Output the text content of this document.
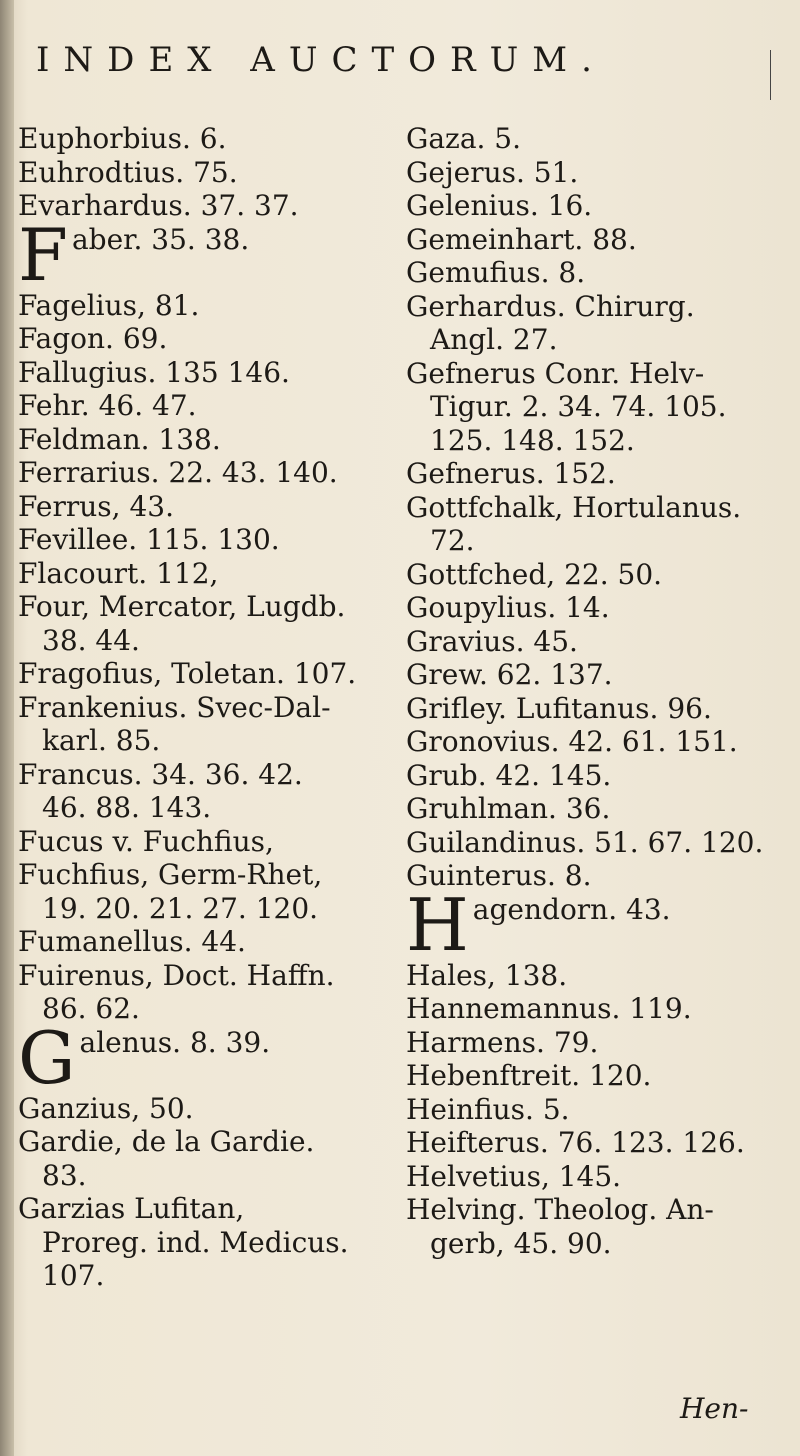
INDEX AUCTORUM.
Euphorbius. 6.
Euhrodtius. 75.
Evarhardus. 37. 37.
F aber. 35. 38.
Fagelius, 81.
Fagon. 69.
Fallugius. 135 146.
Fehr. 46. 47.
Feldman. 138.
Ferrarius. 22. 43. 140.
Ferrus, 43.
Fevillee. 115. 130.
Flacourt. 112,
Four, Mercator, Lugdb.
38. 44.
Fragofius, Toletan. 107.
Frankenius. Svec-Dal-
karl. 85.
Francus. 34. 36. 42.
46. 88. 143.
Fucus v. Fuchfius,
Fuchfius, Germ-Rhet,
19. 20. 21. 27. 120.
Fumanellus. 44.
Fuirenus, Doct. Haffn.
86. 62.
G alenus. 8. 39.
Ganzius, 50.
Gardie, de la Gardie.
83.
Garzias Lufitan,
Proreg. ind. Medicus.
107.
Gaza. 5.
Gejerus. 51.
Gelenius. 16.
Gemeinhart. 88.
Gemufius. 8.
Gerhardus. Chirurg.
Angl. 27.
Gefnerus Conr. Helv-
Tigur. 2. 34. 74. 105.
125. 148. 152.
Gefnerus. 152.
Gottfchalk, Hortulanus.
72.
Gottfched, 22. 50.
Goupylius. 14.
Gravius. 45.
Grew. 62. 137.
Grifley. Lufitanus. 96.
Gronovius. 42. 61. 151.
Grub. 42. 145.
Gruhlman. 36.
Guilandinus. 51. 67. 120.
Guinterus. 8.
H agendorn. 43.
Hales, 138.
Hannemannus. 119.
Harmens. 79.
Hebenftreit. 120.
Heinfius. 5.
Heifterus. 76. 123. 126.
Helvetius, 145.
Helving. Theolog. An-
gerb, 45. 90.
Hen-
